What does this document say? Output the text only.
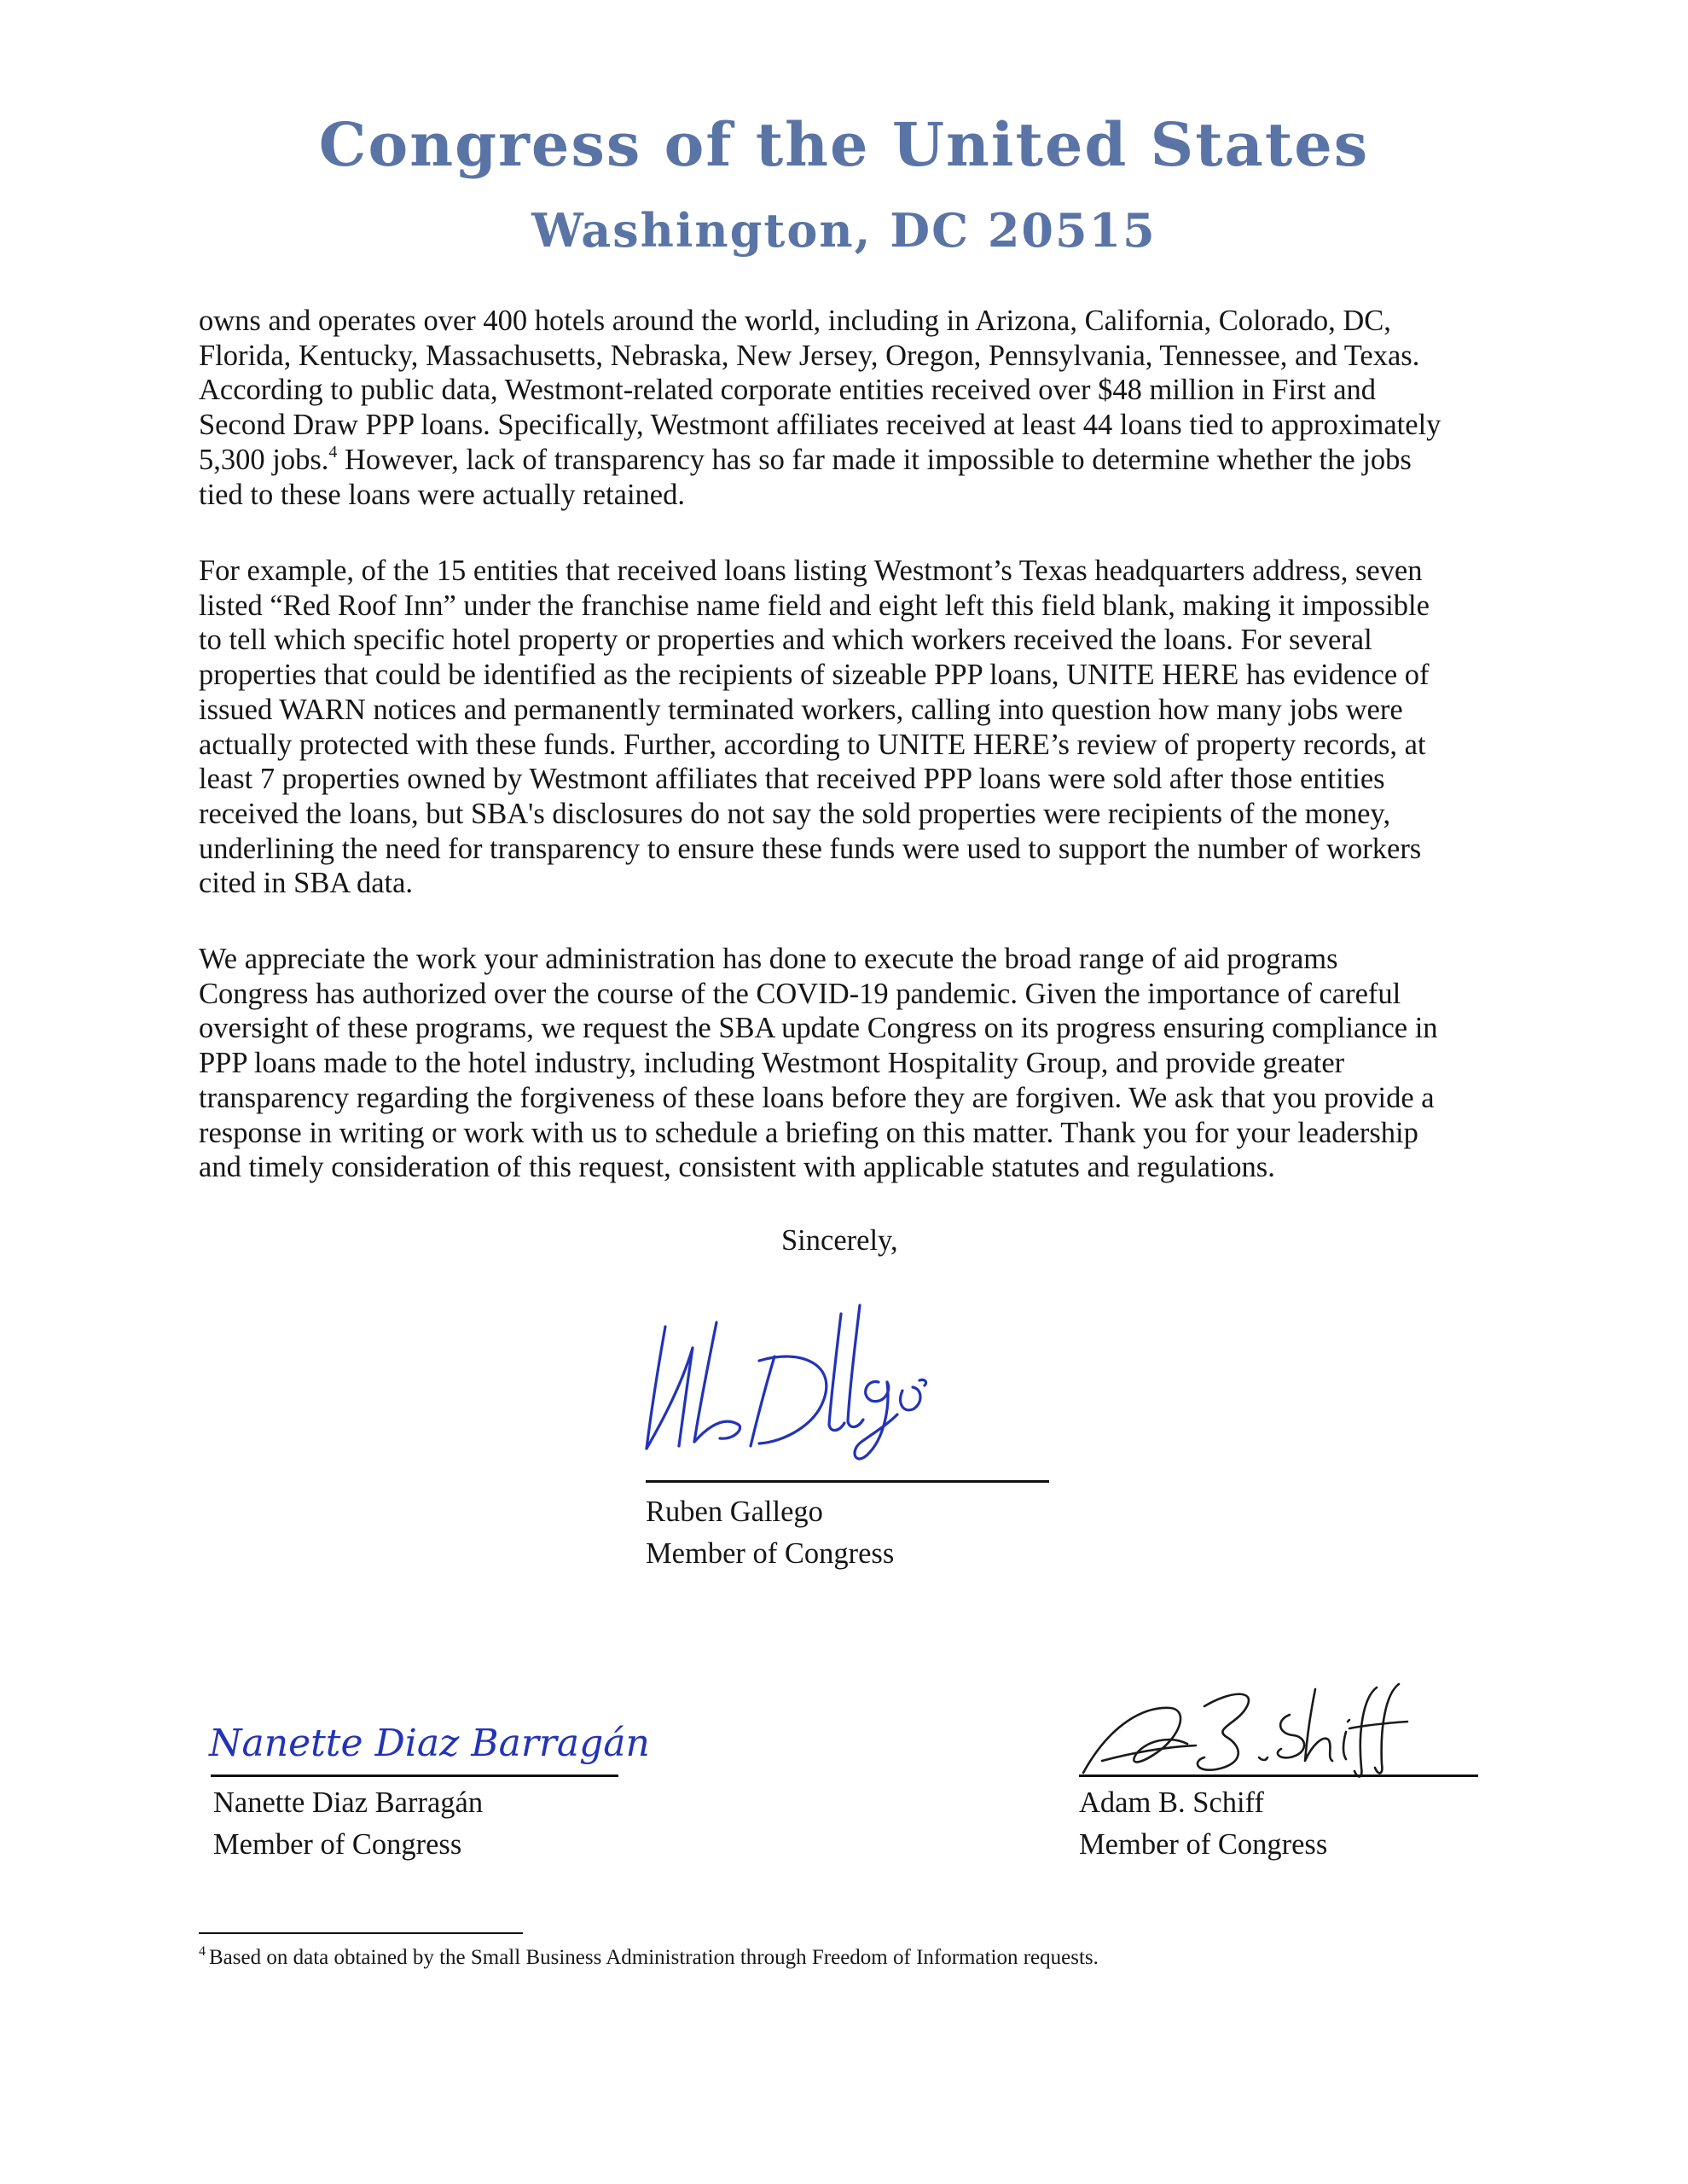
Congress of the United States
Washington, DC 20515

owns and operates over 400 hotels around the world, including in Arizona, California, Colorado, DC,
Florida, Kentucky, Massachusetts, Nebraska, New Jersey, Oregon, Pennsylvania, Tennessee, and Texas.
According to public data, Westmont-related corporate entities received over $48 million in First and
Second Draw PPP loans. Specifically, Westmont affiliates received at least 44 loans tied to approximately
5,300 jobs.$^4$ However, lack of transparency has so far made it impossible to determine whether the jobs
tied to these loans were actually retained.

For example, of the 15 entities that received loans listing Westmont’s Texas headquarters address, seven
listed “Red Roof Inn” under the franchise name field and eight left this field blank, making it impossible
to tell which specific hotel property or properties and which workers received the loans. For several
properties that could be identified as the recipients of sizeable PPP loans, UNITE HERE has evidence of
issued WARN notices and permanently terminated workers, calling into question how many jobs were
actually protected with these funds. Further, according to UNITE HERE’s review of property records, at
least 7 properties owned by Westmont affiliates that received PPP loans were sold after those entities
received the loans, but SBA's disclosures do not say the sold properties were recipients of the money,
underlining the need for transparency to ensure these funds were used to support the number of workers
cited in SBA data.

We appreciate the work your administration has done to execute the broad range of aid programs
Congress has authorized over the course of the COVID-19 pandemic. Given the importance of careful
oversight of these programs, we request the SBA update Congress on its progress ensuring compliance in
PPP loans made to the hotel industry, including Westmont Hospitality Group, and provide greater
transparency regarding the forgiveness of these loans before they are forgiven. We ask that you provide a
response in writing or work with us to schedule a briefing on this matter. Thank you for your leadership
and timely consideration of this request, consistent with applicable statutes and regulations.

Sincerely,
Ruben Gallego
Member of Congress
Nanette Diaz Barragán
Nanette Diaz Barragán
Member of Congress
Adam B. Schiff
Member of Congress
$^4$ Based on data obtained by the Small Business Administration through Freedom of Information requests.
